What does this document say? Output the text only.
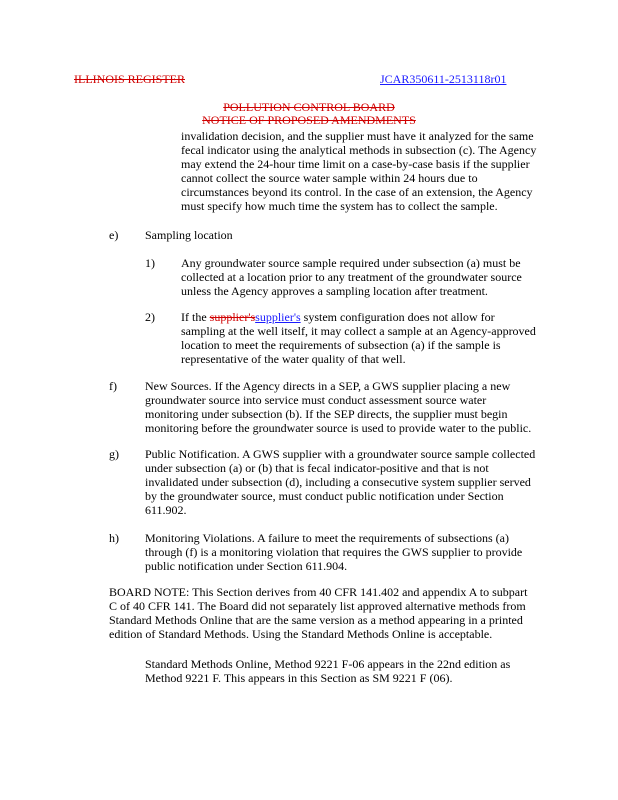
ILLINOIS REGISTER	JCAR350611-2513118r01
POLLUTION CONTROL BOARD
NOTICE OF PROPOSED AMENDMENTS

invalidation decision, and the supplier must have it analyzed for the same

fecal indicator using the analytical methods in subsection (c). The Agency

may extend the 24-hour time limit on a case-by-case basis if the supplier

cannot collect the source water sample within 24 hours due to

circumstances beyond its control. In the case of an extension, the Agency

must specify how much time the system has to collect the sample.

e) Sampling location
1) Any groundwater source sample required under subsection (a) must be

collected at a location prior to any treatment of the groundwater source

unless the Agency approves a sampling location after treatment.

2) If the supplier'ssupplier's system configuration does not allow for

sampling at the well itself, it may collect a sample at an Agency-approved

location to meet the requirements of subsection (a) if the sample is

representative of the water quality of that well.

f) New Sources. If the Agency directs in a SEP, a GWS supplier placing a new

groundwater source into service must conduct assessment source water

monitoring under subsection (b). If the SEP directs, the supplier must begin

monitoring before the groundwater source is used to provide water to the public.

g) Public Notification. A GWS supplier with a groundwater source sample collected

under subsection (a) or (b) that is fecal indicator-positive and that is not

invalidated under subsection (d), including a consecutive system supplier served

by the groundwater source, must conduct public notification under Section

611.902.

h) Monitoring Violations. A failure to meet the requirements of subsections (a)

through (f) is a monitoring violation that requires the GWS supplier to provide

public notification under Section 611.904.

BOARD NOTE: This Section derives from 40 CFR 141.402 and appendix A to subpart

C of 40 CFR 141. The Board did not separately list approved alternative methods from

Standard Methods Online that are the same version as a method appearing in a printed

edition of Standard Methods. Using the Standard Methods Online is acceptable.

Standard Methods Online, Method 9221 F-06 appears in the 22nd edition as

Method 9221 F. This appears in this Section as SM 9221 F (06).
